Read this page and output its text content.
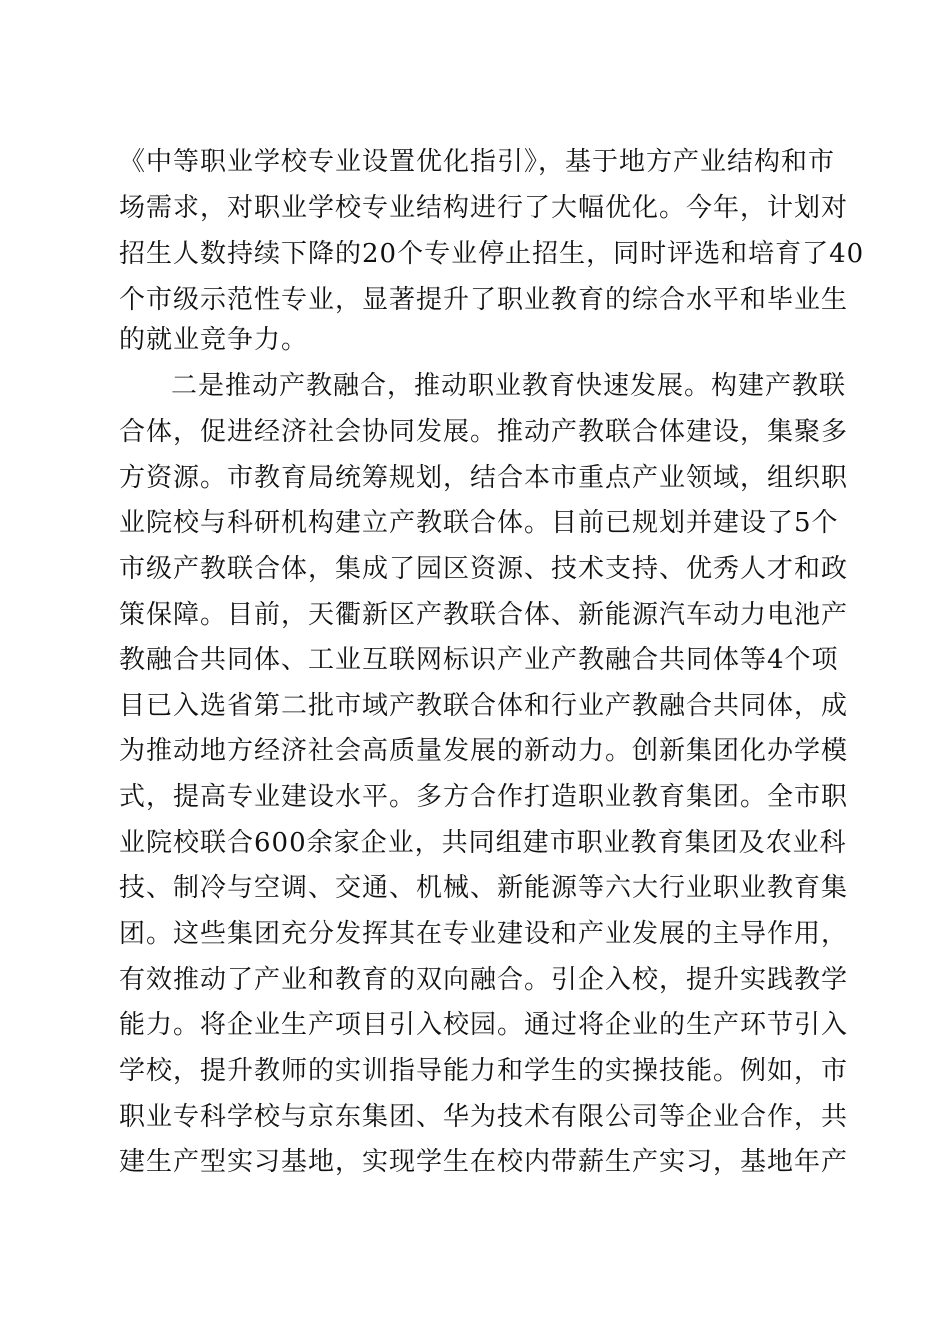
《中等职业学校专业设置优化指引》，基于地方产业结构和市
场需求，对职业学校专业结构进行了大幅优化。今年，计划对
招生人数持续下降的20个专业停止招生，同时评选和培育了40
个市级示范性专业，显著提升了职业教育的综合水平和毕业生
的就业竞争力。
二是推动产教融合，推动职业教育快速发展。构建产教联
合体，促进经济社会协同发展。推动产教联合体建设，集聚多
方资源。市教育局统筹规划，结合本市重点产业领域，组织职
业院校与科研机构建立产教联合体。目前已规划并建设了5个
市级产教联合体，集成了园区资源、技术支持、优秀人才和政
策保障。目前，天衢新区产教联合体、新能源汽车动力电池产
教融合共同体、工业互联网标识产业产教融合共同体等4个项
目已入选省第二批市域产教联合体和行业产教融合共同体，成
为推动地方经济社会高质量发展的新动力。创新集团化办学模
式，提高专业建设水平。多方合作打造职业教育集团。全市职
业院校联合600余家企业，共同组建市职业教育集团及农业科
技、制冷与空调、交通、机械、新能源等六大行业职业教育集
团。这些集团充分发挥其在专业建设和产业发展的主导作用，
有效推动了产业和教育的双向融合。引企入校，提升实践教学
能力。将企业生产项目引入校园。通过将企业的生产环节引入
学校，提升教师的实训指导能力和学生的实操技能。例如，市
职业专科学校与京东集团、华为技术有限公司等企业合作，共
建生产型实习基地，实现学生在校内带薪生产实习，基地年产
